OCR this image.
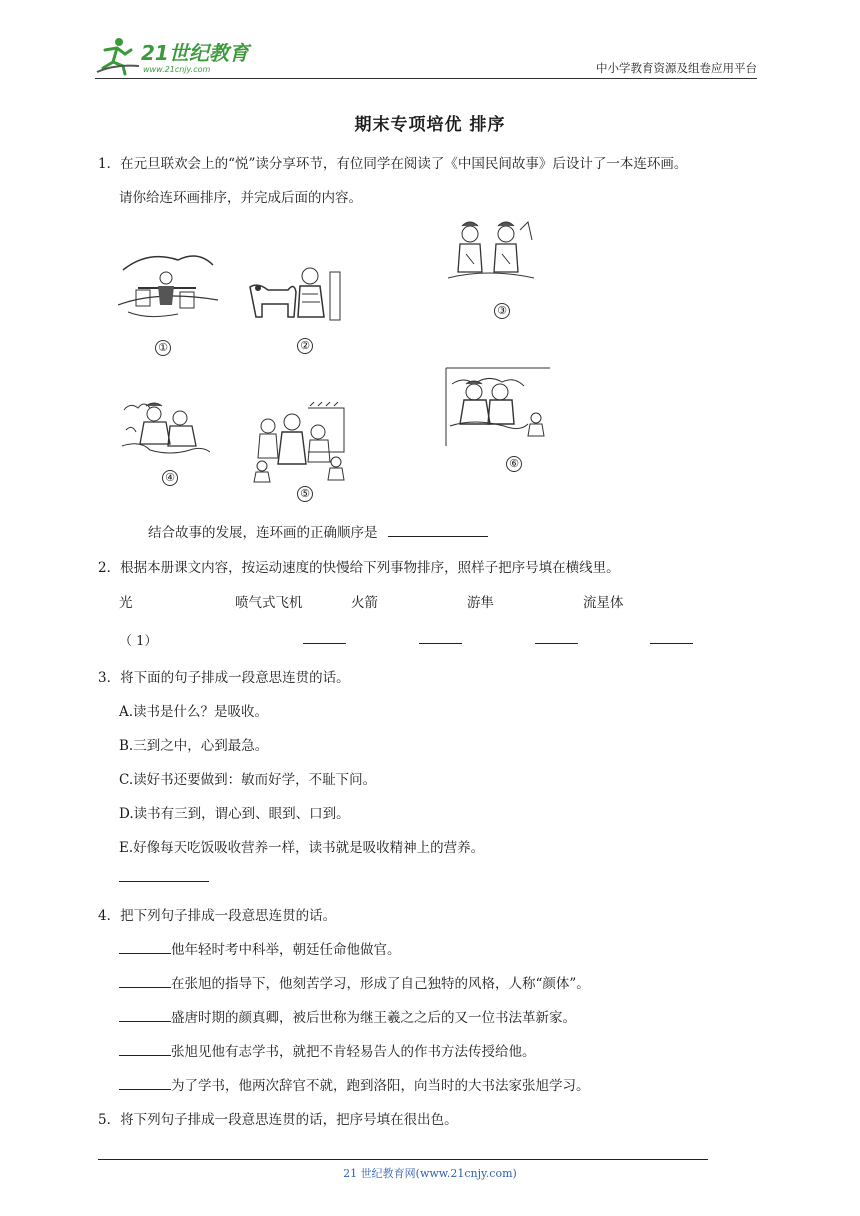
21世纪教育
www.21cnjy.com	中小学教育资源及组卷应用平台
期末专项培优 排序
1．在元旦联欢会上的“悦”读分享环节，有位同学在阅读了《中国民间故事》后设计了一本连环画。
请你给连环画排序，并完成后面的内容。
①	②
③
④
⑤
⑥
结合故事的发展，连环画的正确顺序是
2．根据本册课文内容，按运动速度的快慢给下列事物排序，照样子把序号填在横线里。
光	喷气式飞机	火箭	游隼	流星体
（ 1）
3．将下面的句子排成一段意思连贯的话。
A.读书是什么？是吸收。
B.三到之中，心到最急。
C.读好书还要做到：敏而好学，不耻下问。
D.读书有三到，谓心到、眼到、口到。
E.好像每天吃饭吸收营养一样，读书就是吸收精神上的营养。
4．把下列句子排成一段意思连贯的话。
他年轻时考中科举，朝廷任命他做官。
在张旭的指导下，他刻苦学习，形成了自己独特的风格，人称“颜体”。
盛唐时期的颜真卿，被后世称为继王羲之之后的又一位书法革新家。
张旭见他有志学书，就把不肯轻易告人的作书方法传授给他。
为了学书，他两次辞官不就，跑到洛阳，向当时的大书法家张旭学习。
5．将下列句子排成一段意思连贯的话，把序号填在很出色。
21 世纪教育网(www.21cnjy.com)
